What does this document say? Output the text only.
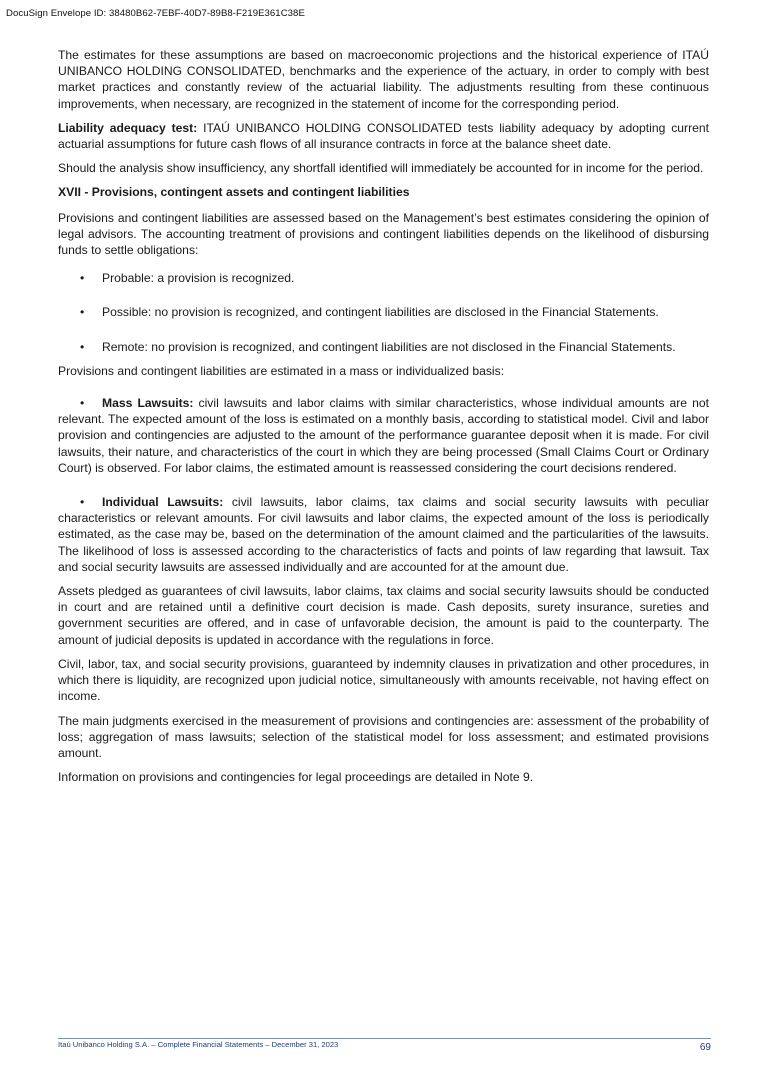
DocuSign Envelope ID: 38480B62-7EBF-40D7-89B8-F219E361C38E

The estimates for these assumptions are based on macroeconomic projections and the historical experience of ITAÚ UNIBANCO HOLDING CONSOLIDATED, benchmarks and the experience of the actuary, in order to comply with best market practices and constantly review of the actuarial liability. The adjustments resulting from these continuous improvements, when necessary, are recognized in the statement of income for the corresponding period.

Liability adequacy test: ITAÚ UNIBANCO HOLDING CONSOLIDATED tests liability adequacy by adopting current actuarial assumptions for future cash flows of all insurance contracts in force at the balance sheet date.

Should the analysis show insufficiency, any shortfall identified will immediately be accounted for in income for the period.

XVII - Provisions, contingent assets and contingent liabilities

Provisions and contingent liabilities are assessed based on the Management’s best estimates considering the opinion of legal advisors. The accounting treatment of provisions and contingent liabilities depends on the likelihood of disbursing funds to settle obligations:

• Probable: a provision is recognized.

• Possible: no provision is recognized, and contingent liabilities are disclosed in the Financial Statements.

• Remote: no provision is recognized, and contingent liabilities are not disclosed in the Financial Statements.

Provisions and contingent liabilities are estimated in a mass or individualized basis:

• Mass Lawsuits: civil lawsuits and labor claims with similar characteristics, whose individual amounts are not relevant. The expected amount of the loss is estimated on a monthly basis, according to statistical model. Civil and labor provision and contingencies are adjusted to the amount of the performance guarantee deposit when it is made. For civil lawsuits, their nature, and characteristics of the court in which they are being processed (Small Claims Court or Ordinary Court) is observed. For labor claims, the estimated amount is reassessed considering the court decisions rendered.

• Individual Lawsuits: civil lawsuits, labor claims, tax claims and social security lawsuits with peculiar characteristics or relevant amounts. For civil lawsuits and labor claims, the expected amount of the loss is periodically estimated, as the case may be, based on the determination of the amount claimed and the particularities of the lawsuits. The likelihood of loss is assessed according to the characteristics of facts and points of law regarding that lawsuit. Tax and social security lawsuits are assessed individually and are accounted for at the amount due.

Assets pledged as guarantees of civil lawsuits, labor claims, tax claims and social security lawsuits should be conducted in court and are retained until a definitive court decision is made. Cash deposits, surety insurance, sureties and government securities are offered, and in case of unfavorable decision, the amount is paid to the counterparty. The amount of judicial deposits is updated in accordance with the regulations in force.

Civil, labor, tax, and social security provisions, guaranteed by indemnity clauses in privatization and other procedures, in which there is liquidity, are recognized upon judicial notice, simultaneously with amounts receivable, not having effect on income.

The main judgments exercised in the measurement of provisions and contingencies are: assessment of the probability of loss; aggregation of mass lawsuits; selection of the statistical model for loss assessment; and estimated provisions amount.

Information on provisions and contingencies for legal proceedings are detailed in Note 9.

Itaú Unibanco Holding S.A. – Complete Financial Statements – December 31, 2023	69
